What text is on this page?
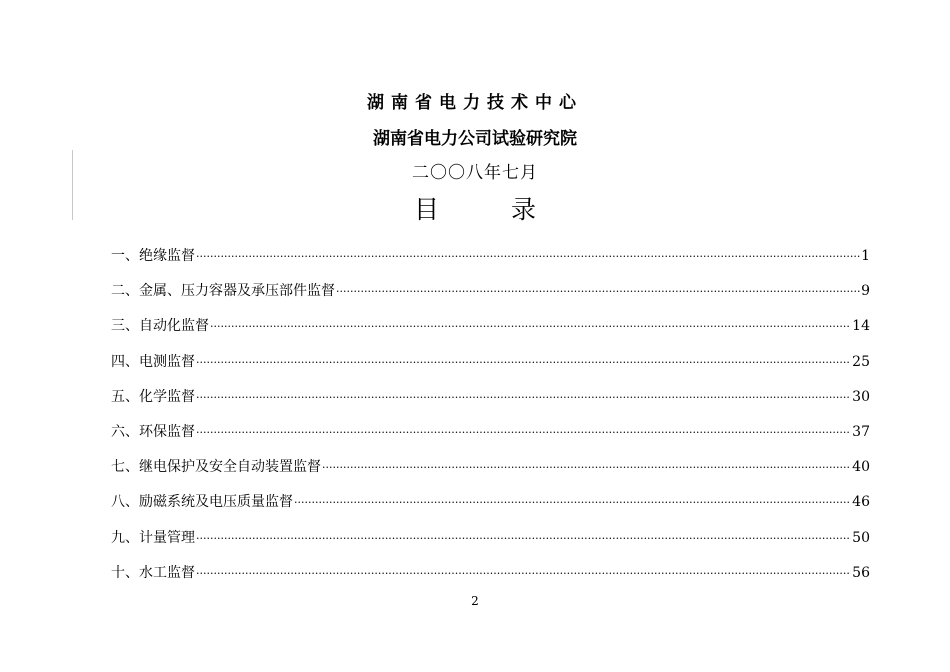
湖南省电力技术中心
湖南省电力公司试验研究院
二〇〇八年七月
目 录
一、绝缘监督 ·····	1
二、金属、压力容器及承压部件监督 ·····	9
三、自动化监督 ·····	14
四、电测监督 ·····	25
五、化学监督 ·····	30
六、环保监督 ·····	37
七、继电保护及安全自动装置监督 ·····	40
八、励磁系统及电压质量监督 ·····	46
九、计量管理 ·····	50
十、水工监督 ·····	56
2
